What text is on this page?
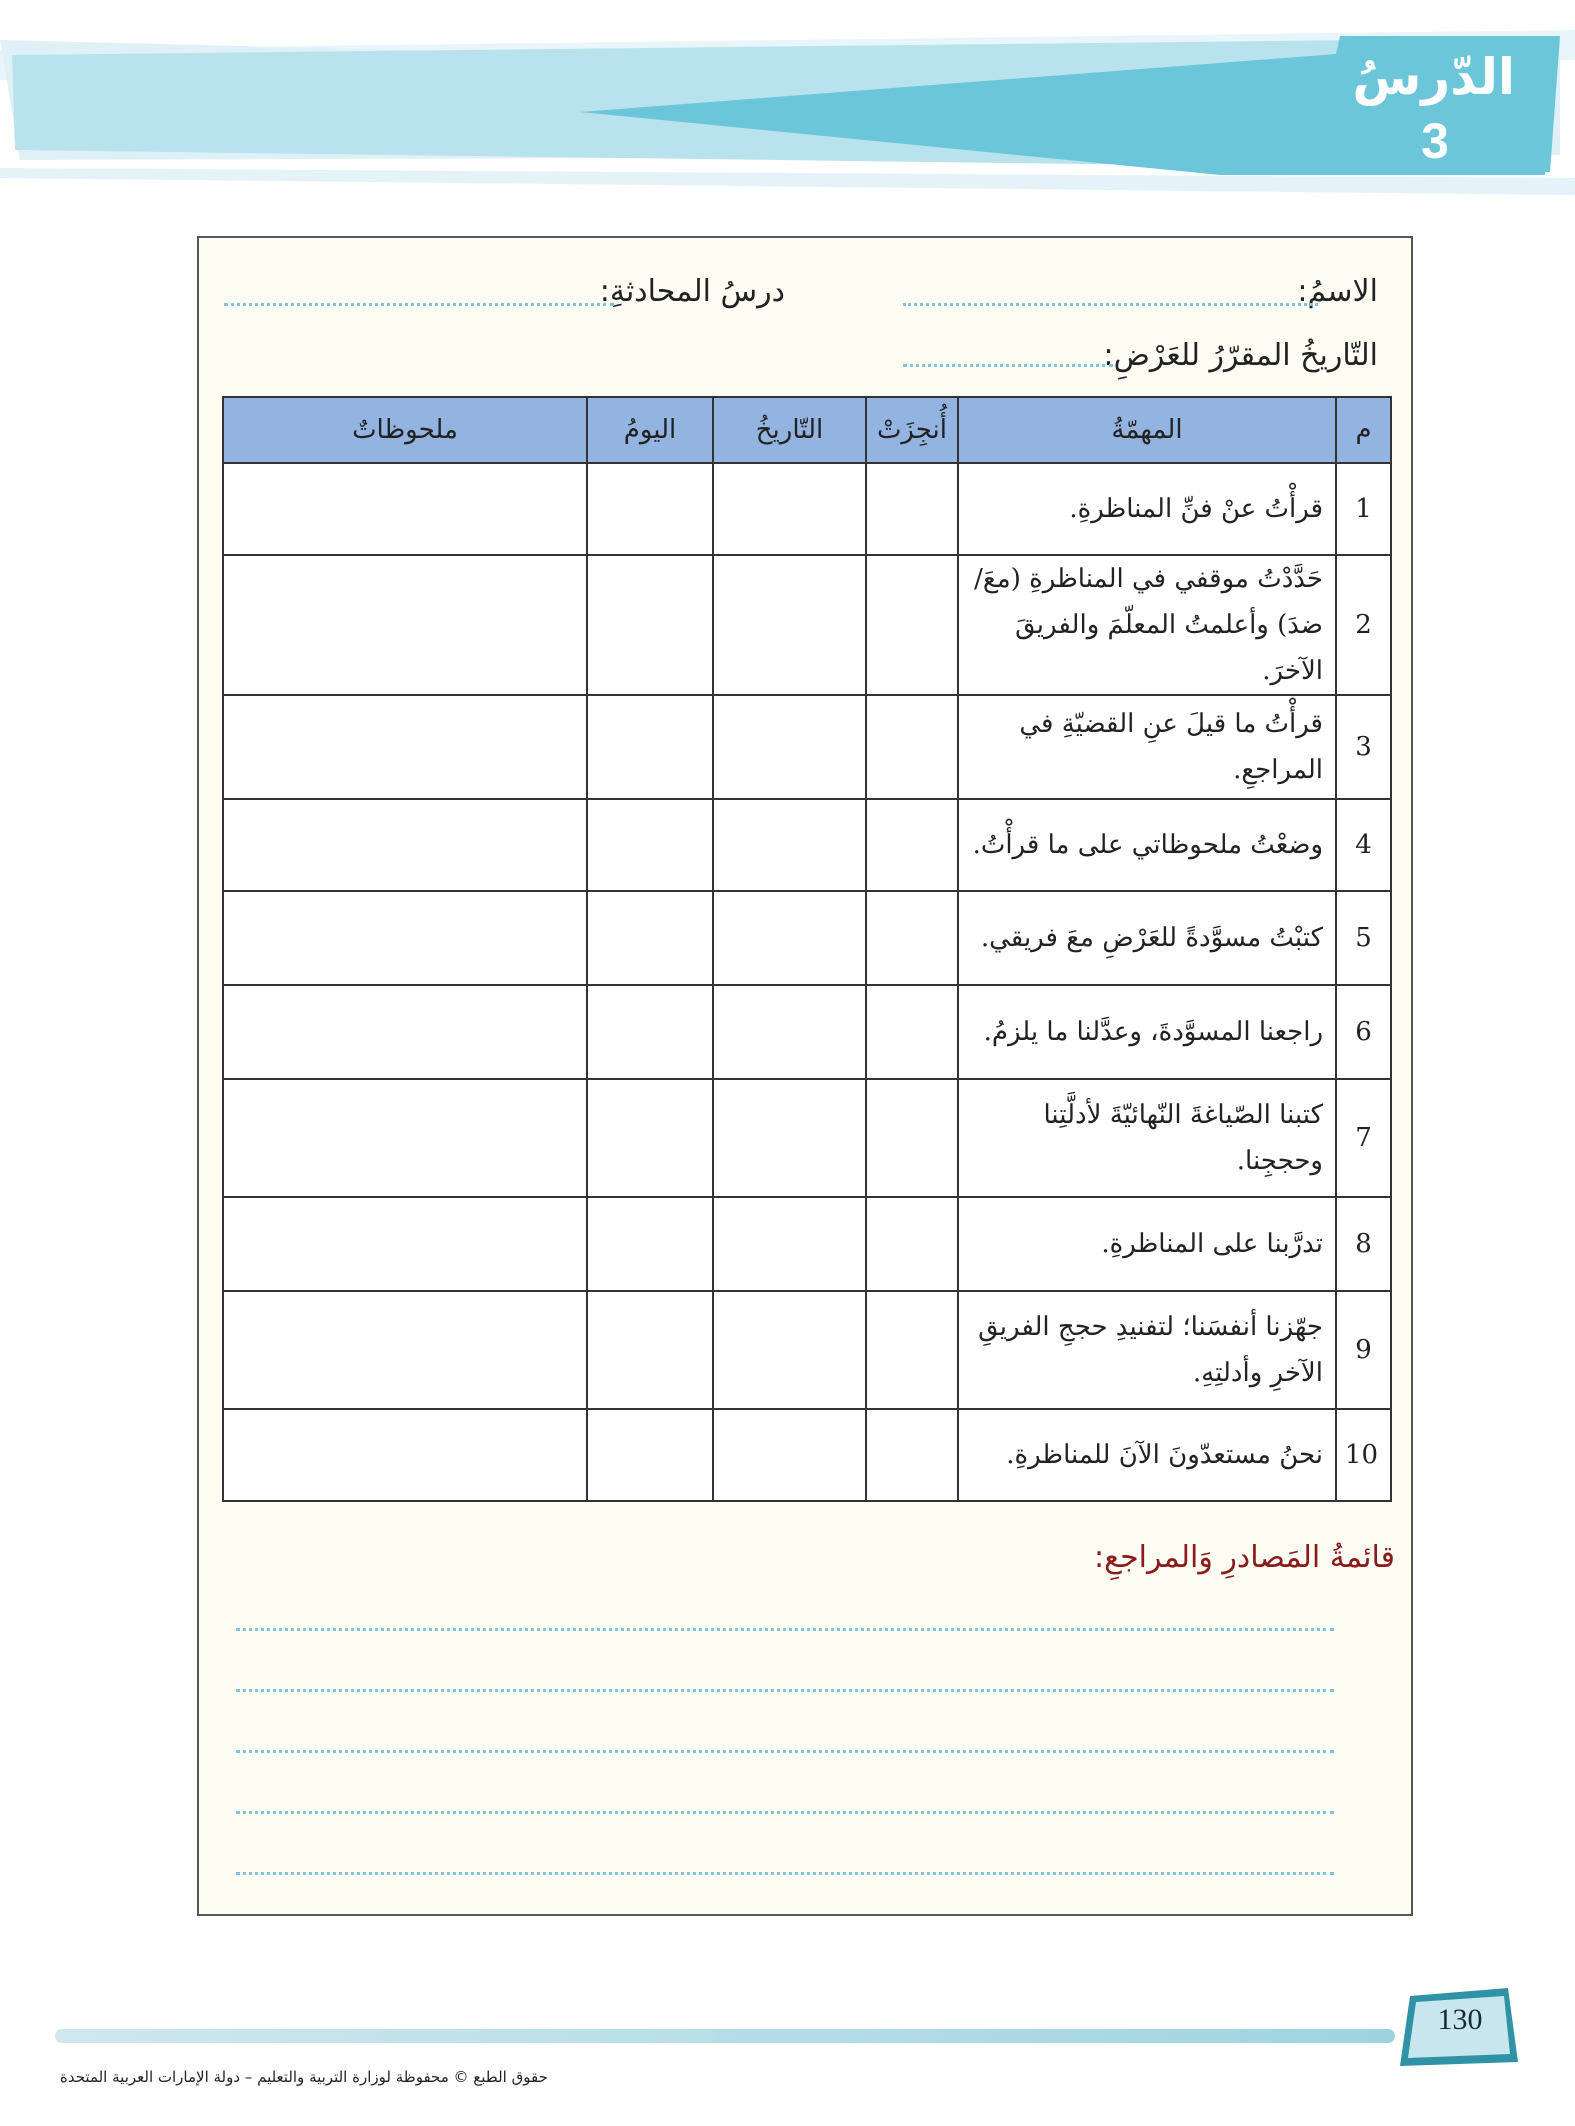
الدّرسُ
3
الاسمُ:
درسُ المحادثةِ:
التّاريخُ المقرّرُ للعَرْضِ:
م	المهمّةُ	أُنجِزَتْ	التّاريخُ	اليومُ	ملحوظاتٌ
1	قرأْتُ عنْ فنِّ المناظرةِ.				
2	حَدَّدْتُ موقفي في المناظرةِ (معَ/ ضدَ) وأعلمتُ المعلّمَ والفريقَ الآخرَ.				
3	قرأْتُ ما قيلَ عنِ القضيّةِ في المراجعِ.				
4	وضعْتُ ملحوظاتي على ما قرأْتُ.				
5	كتبْتُ مسوَّدةً للعَرْضِ معَ فريقي.				
6	راجعنا المسوَّدةَ، وعدَّلنا ما يلزمُ.				
7	كتبنا الصّياغةَ النّهائيّةَ لأدلَّتِنا وحججِنا.				
8	تدرَّبنا على المناظرةِ.				
9	جهّزنا أنفسَنا؛ لتفنيدِ حججِ الفريقِ الآخرِ وأدلتِهِ.				
10	نحنُ مستعدّونَ الآنَ للمناظرةِ.				
قائمةُ المَصادرِ وَالمراجعِ:
130
حقوق الطبع © محفوظة لوزارة التربية والتعليم – دولة الإمارات العربية المتحدة
